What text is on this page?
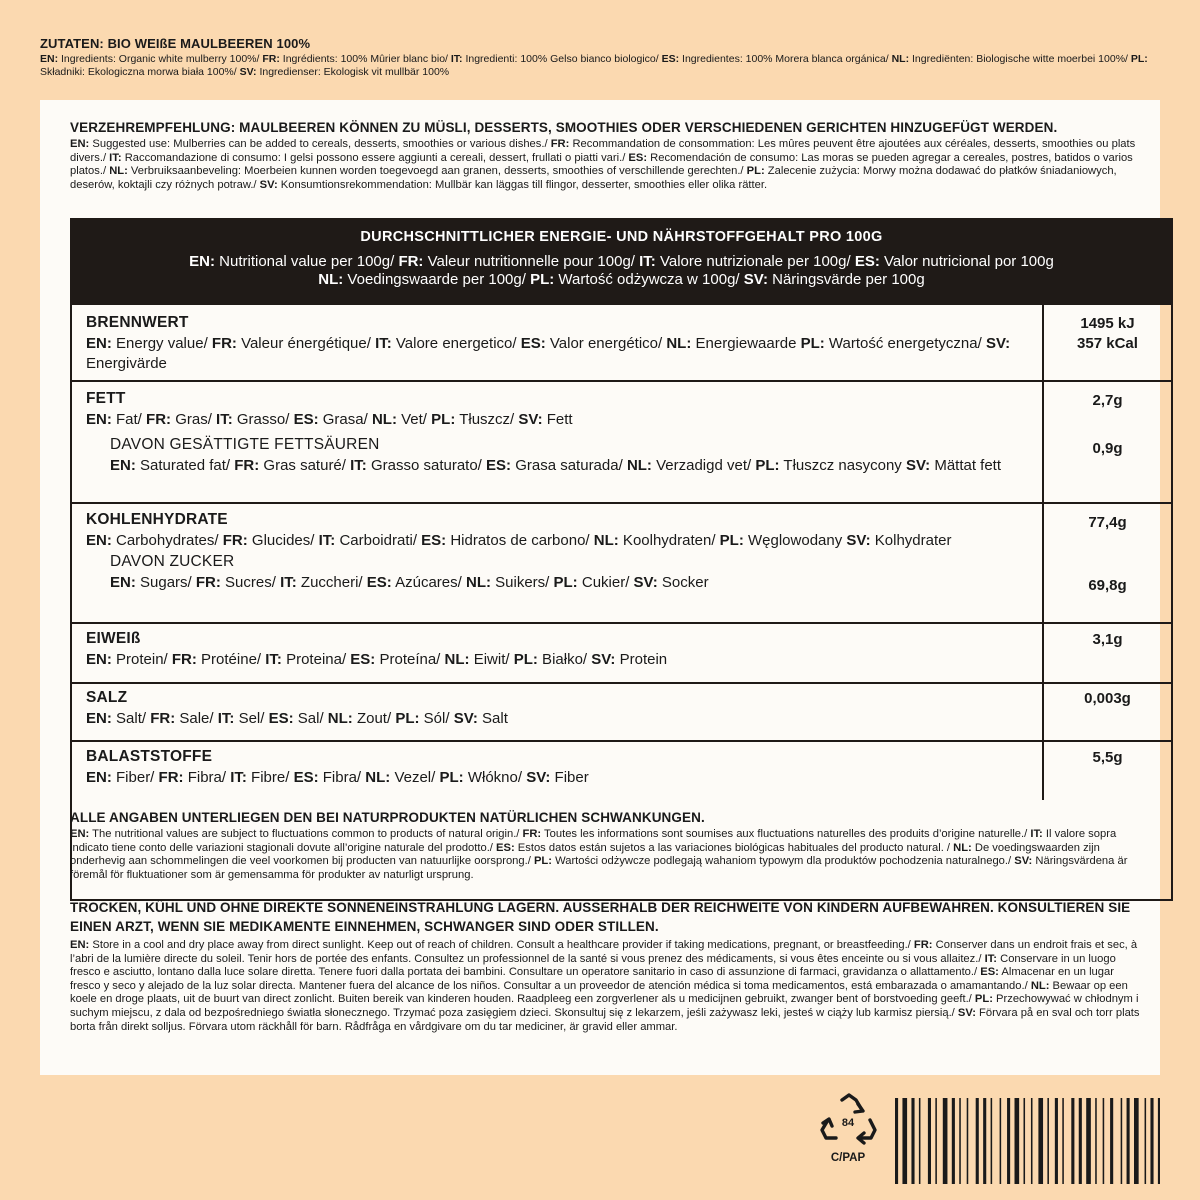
ZUTATEN: BIO WEIßE MAULBEEREN 100%
EN: Ingredients: Organic white mulberry 100%/ FR: Ingrédients: 100% Mûrier blanc bio/ IT: Ingredienti: 100% Gelso bianco biologico/ ES: Ingredientes: 100% Morera blanca orgánica/ NL: Ingrediënten: Biologische witte moerbei 100%/ PL: Składniki: Ekologiczna morwa biała 100%/ SV: Ingredienser: Ekologisk vit mullbär 100%
VERZEHREMPFEHLUNG: MAULBEEREN KÖNNEN ZU MÜSLI, DESSERTS, SMOOTHIES ODER VERSCHIEDENEN GERICHTEN HINZUGEFÜGT WERDEN.
EN: Suggested use: Mulberries can be added to cereals, desserts, smoothies or various dishes./ FR: Recommandation de consommation: Les mûres peuvent être ajoutées aux céréales, desserts, smoothies ou plats divers./ IT: Raccomandazione di consumo: I gelsi possono essere aggiunti a cereali, dessert, frullati o piatti vari./ ES: Recomendación de consumo: Las moras se pueden agregar a cereales, postres, batidos o varios platos./ NL: Verbruiksaanbeveling: Moerbeien kunnen worden toegevoegd aan granen, desserts, smoothies of verschillende gerechten./ PL: Zalecenie zużycia: Morwy można dodawać do płatków śniadaniowych, deserów, koktajli czy różnych potraw./ SV: Konsumtionsrekommendation: Mullbär kan läggas till flingor, desserter, smoothies eller olika rätter.
DURCHSCHNITTLICHER ENERGIE- UND NÄHRSTOFFGEHALT PRO 100G
EN: Nutritional value per 100g/ FR: Valeur nutritionnelle pour 100g/ IT: Valore nutrizionale per 100g/ ES: Valor nutricional por 100g
NL: Voedingswaarde per 100g/ PL: Wartość odżywcza w 100g/ SV: Näringsvärde per 100g
BRENNWERT
EN: Energy value/ FR: Valeur énergétique/ IT: Valore energetico/ ES: Valor energético/ NL: Energiewaarde PL: Wartość energetyczna/ SV: Energivärde
1495 kJ
357 kCal
FETT
EN: Fat/ FR: Gras/ IT: Grasso/ ES: Grasa/ NL: Vet/ PL: Tłuszcz/ SV: Fett
DAVON GESÄTTIGTE FETTSÄUREN
EN: Saturated fat/ FR: Gras saturé/ IT: Grasso saturato/ ES: Grasa saturada/ NL: Verzadigd vet/ PL: Tłuszcz nasycony SV: Mättat fett
2,7g
0,9g
KOHLENHYDRATE
EN: Carbohydrates/ FR: Glucides/ IT: Carboidrati/ ES: Hidratos de carbono/ NL: Koolhydraten/ PL: Węglowodany SV: Kolhydrater
DAVON ZUCKER
EN: Sugars/ FR: Sucres/ IT: Zuccheri/ ES: Azúcares/ NL: Suikers/ PL: Cukier/ SV: Socker
77,4g
69,8g
EIWEIß
EN: Protein/ FR: Protéine/ IT: Proteina/ ES: Proteína/ NL: Eiwit/ PL: Białko/ SV: Protein
3,1g
SALZ
EN: Salt/ FR: Sale/ IT: Sel/ ES: Sal/ NL: Zout/ PL: Sól/ SV: Salt
0,003g
BALASTSTOFFE
EN: Fiber/ FR: Fibra/ IT: Fibre/ ES: Fibra/ NL: Vezel/ PL: Włókno/ SV: Fiber
5,5g
ALLE ANGABEN UNTERLIEGEN DEN BEI NATURPRODUKTEN NATÜRLICHEN SCHWANKUNGEN.
EN: The nutritional values are subject to fluctuations common to products of natural origin./ FR: Toutes les informations sont soumises aux fluctuations naturelles des produits d’origine naturelle./ IT: Il valore sopra indicato tiene conto delle variazioni stagionali dovute all’origine naturale del prodotto./ ES: Estos datos están sujetos a las variaciones biológicas habituales del producto natural. / NL: De voedingswaarden zijn onderhevig aan schommelingen die veel voorkomen bij producten van natuurlijke oorsprong./ PL: Wartości odżywcze podlegają wahaniom typowym dla produktów pochodzenia naturalnego./ SV: Näringsvärdena är föremål för fluktuationer som är gemensamma för produkter av naturligt ursprung.
TROCKEN, KÜHL UND OHNE DIREKTE SONNENEINSTRAHLUNG LAGERN. AUSSERHALB DER REICHWEITE VON KINDERN AUFBEWAHREN. KONSULTIEREN SIE EINEN ARZT, WENN SIE MEDIKAMENTE EINNEHMEN, SCHWANGER SIND ODER STILLEN.
EN: Store in a cool and dry place away from direct sunlight. Keep out of reach of children. Consult a healthcare provider if taking medications, pregnant, or breastfeeding./ FR: Conserver dans un endroit frais et sec, à l’abri de la lumière directe du soleil. Tenir hors de portée des enfants. Consultez un professionnel de la santé si vous prenez des médicaments, si vous êtes enceinte ou si vous allaitez./ IT: Conservare in un luogo fresco e asciutto, lontano dalla luce solare diretta. Tenere fuori dalla portata dei bambini. Consultare un operatore sanitario in caso di assunzione di farmaci, gravidanza o allattamento./ ES: Almacenar en un lugar fresco y seco y alejado de la luz solar directa. Mantener fuera del alcance de los niños. Consultar a un proveedor de atención médica si toma medicamentos, está embarazada o amamantando./ NL: Bewaar op een koele en droge plaats, uit de buurt van direct zonlicht. Buiten bereik van kinderen houden. Raadpleeg een zorgverlener als u medicijnen gebruikt, zwanger bent of borstvoeding geeft./ PL: Przechowywać w chłodnym i suchym miejscu, z dala od bezpośredniego światła słonecznego. Trzymać poza zasięgiem dzieci. Skonsultuj się z lekarzem, jeśli zażywasz leki, jesteś w ciąży lub karmisz piersią./ SV: Förvara på en sval och torr plats borta från direkt solljus. Förvara utom räckhåll för barn. Rådfråga en vårdgivare om du tar mediciner, är gravid eller ammar.
84
C/PAP
